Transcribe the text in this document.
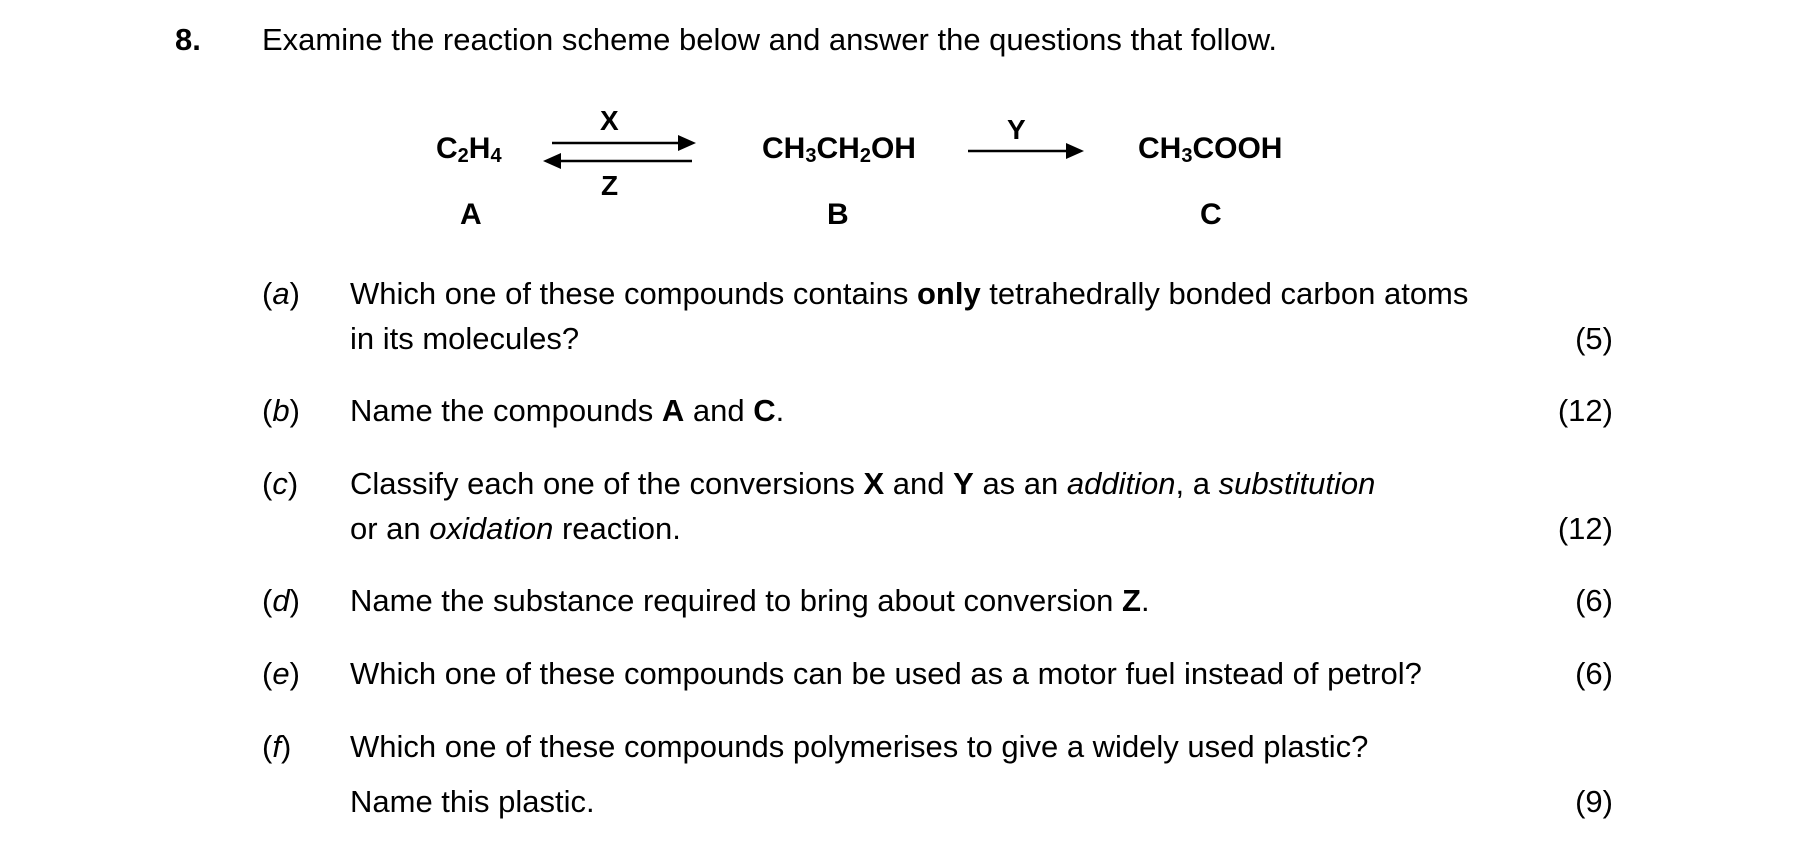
8. Examine the reaction scheme below and answer the questions that follow.
X
Z
Y
$C_2H_4$	$CH_3CH_2OH$	$CH_3COOH$
A	B	C
(a) Which one of these compounds contains only tetrahedrally bonded carbon atoms
in its molecules?	(5)
(b) Name the compounds A and C.	(12)
(c) Classify each one of the conversions X and Y as an addition, a substitution
or an oxidation reaction.	(12)
(d) Name the substance required to bring about conversion Z.	(6)
(e) Which one of these compounds can be used as a motor fuel instead of petrol?	(6)
(f) Which one of these compounds polymerises to give a widely used plastic?
Name this plastic.	(9)
